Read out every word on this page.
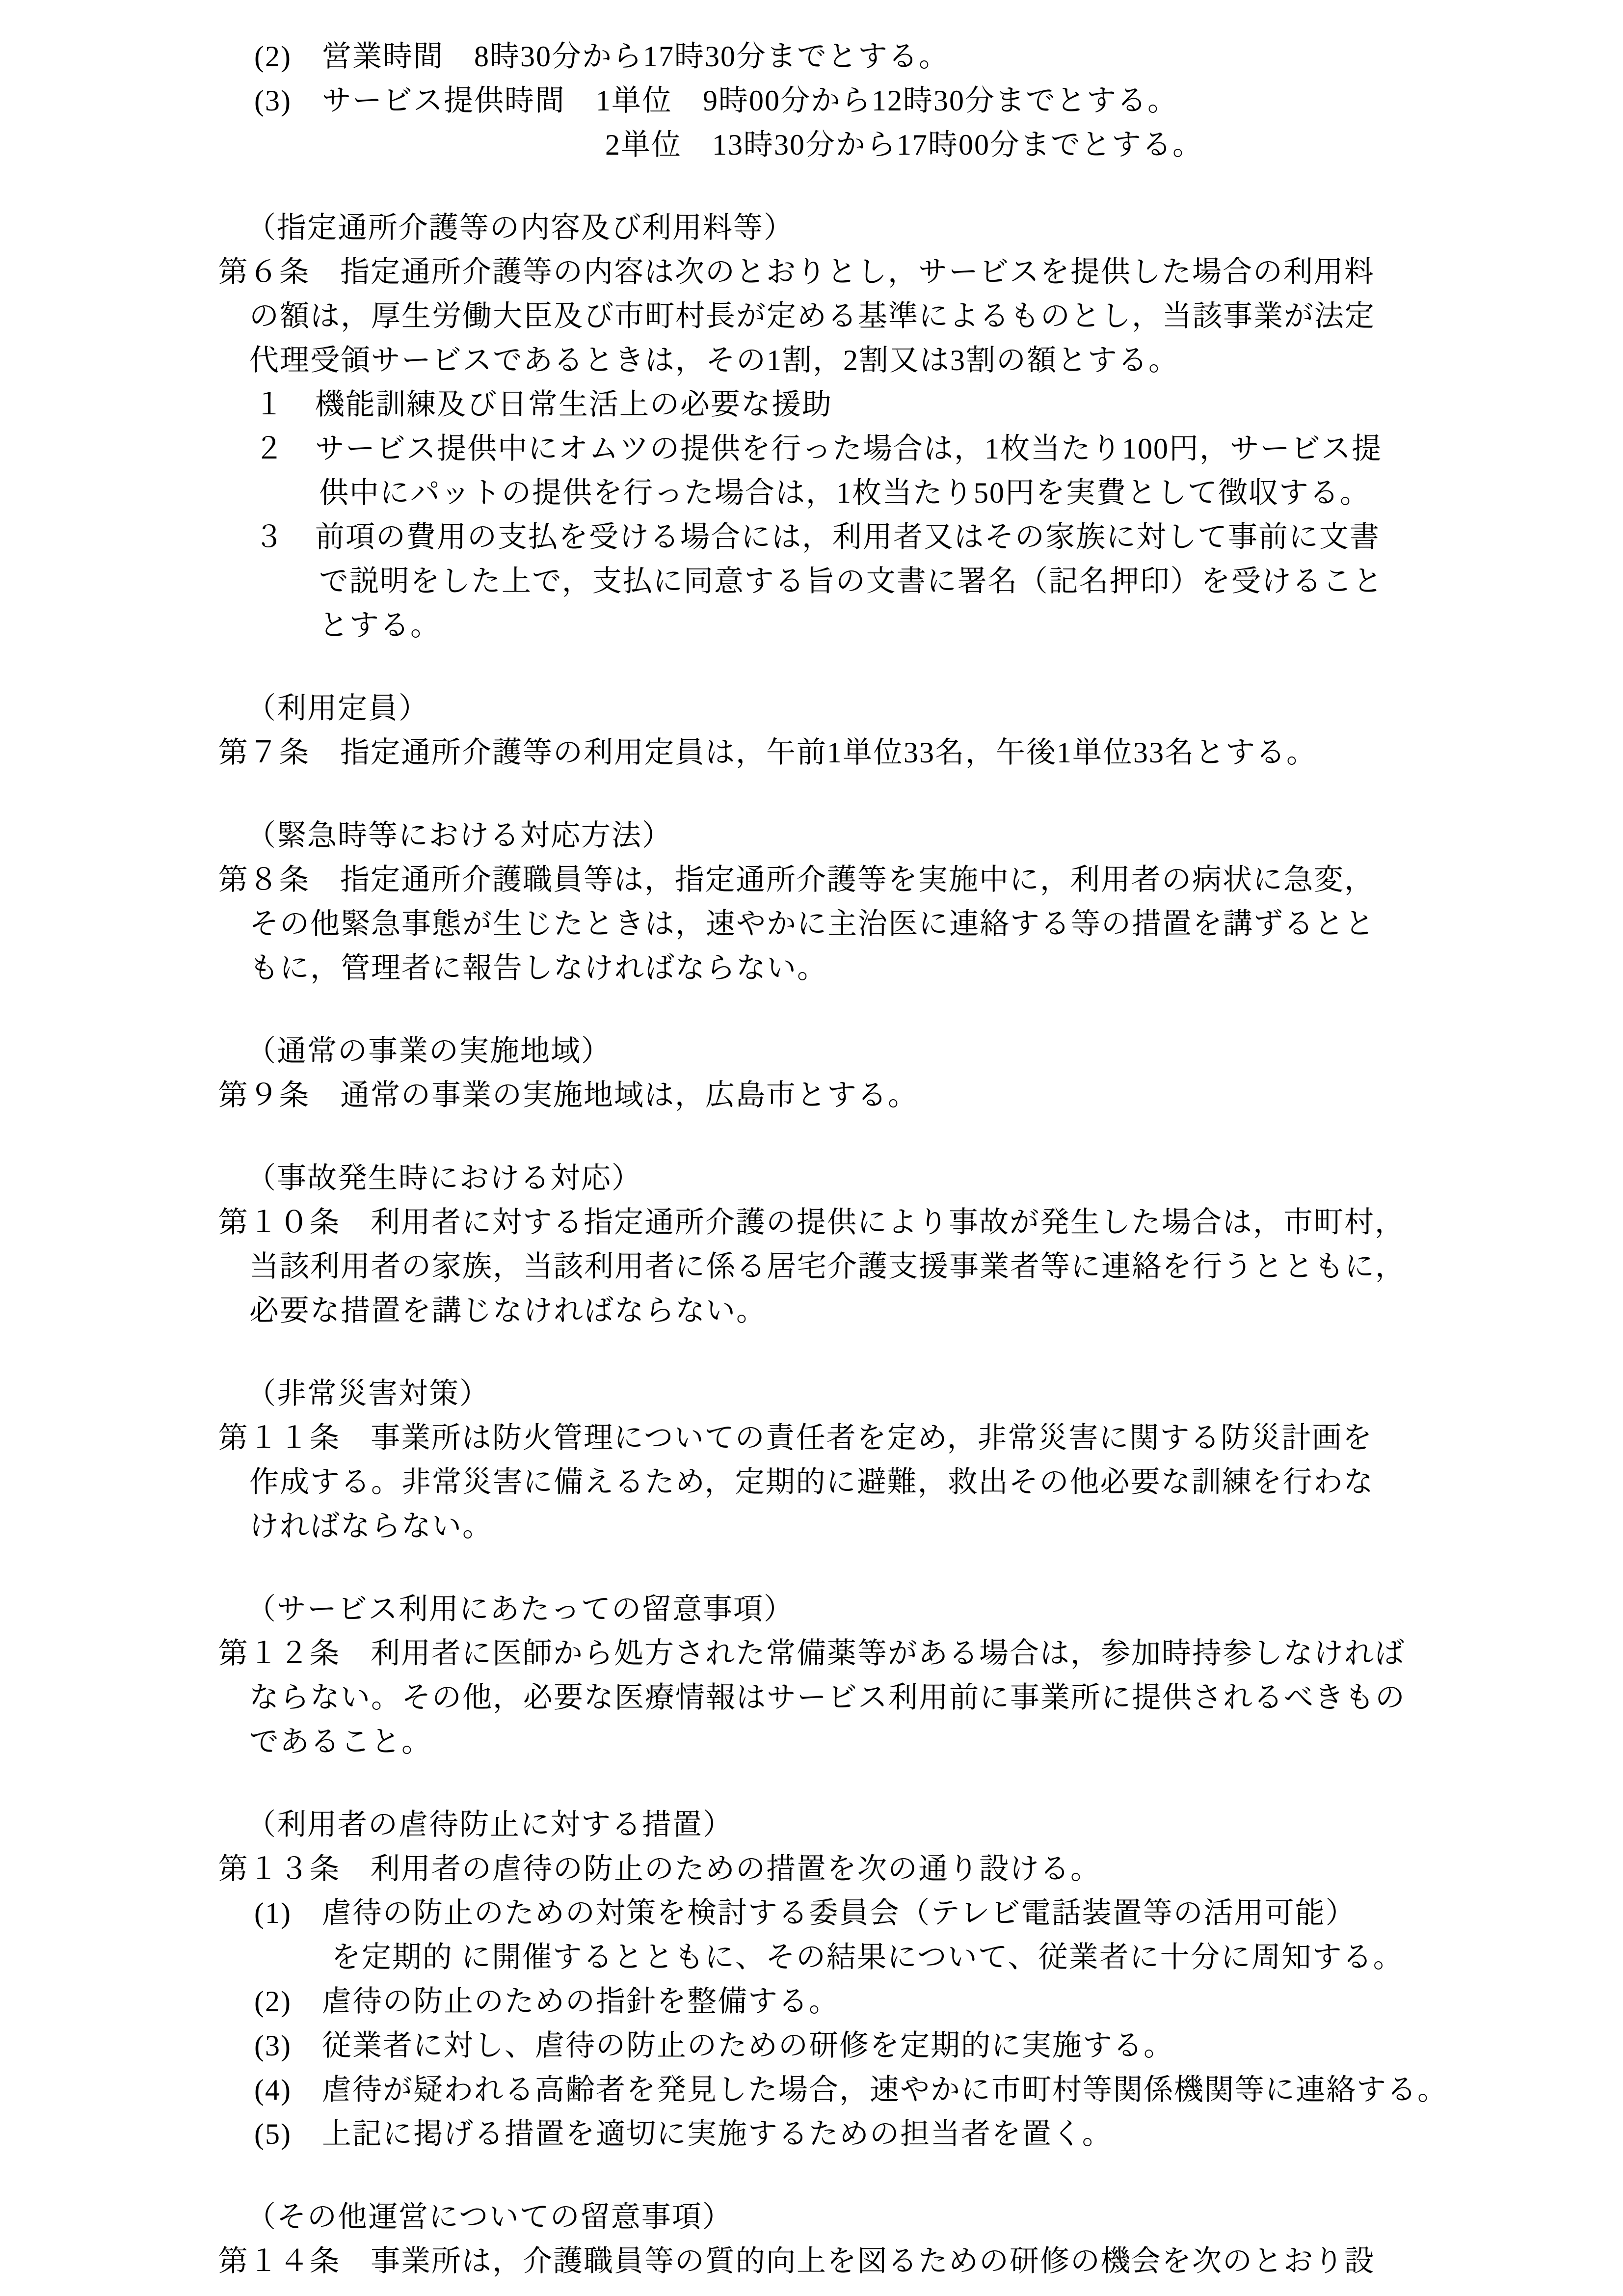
(2)　営業時間　8時30分から17時30分までとする。
(3)　サービス提供時間　1単位　9時00分から12時30分までとする。
2単位　13時30分から17時00分までとする。
（指定通所介護等の内容及び利用料等）
第６条　指定通所介護等の内容は次のとおりとし，サービスを提供した場合の利用料
の額は，厚生労働大臣及び市町村長が定める基準によるものとし，当該事業が法定
代理受領サービスであるときは，その1割，2割又は3割の額とする。
１　機能訓練及び日常生活上の必要な援助
２　サービス提供中にオムツの提供を行った場合は，1枚当たり100円，サービス提
供中にパットの提供を行った場合は，1枚当たり50円を実費として徴収する。
３　前項の費用の支払を受ける場合には，利用者又はその家族に対して事前に文書
で説明をした上で，支払に同意する旨の文書に署名（記名押印）を受けること
とする。
（利用定員）
第７条　指定通所介護等の利用定員は，午前1単位33名，午後1単位33名とする。
（緊急時等における対応方法）
第８条　指定通所介護職員等は，指定通所介護等を実施中に，利用者の病状に急変，
その他緊急事態が生じたときは，速やかに主治医に連絡する等の措置を講ずるとと
もに，管理者に報告しなければならない。
（通常の事業の実施地域）
第９条　通常の事業の実施地域は，広島市とする。
（事故発生時における対応）
第１０条　利用者に対する指定通所介護の提供により事故が発生した場合は，市町村，
当該利用者の家族，当該利用者に係る居宅介護支援事業者等に連絡を行うとともに，
必要な措置を講じなければならない。
（非常災害対策）
第１１条　事業所は防火管理についての責任者を定め，非常災害に関する防災計画を
作成する。非常災害に備えるため，定期的に避難，救出その他必要な訓練を行わな
ければならない。
（サービス利用にあたっての留意事項）
第１２条　利用者に医師から処方された常備薬等がある場合は，参加時持参しなければ
ならない。その他，必要な医療情報はサービス利用前に事業所に提供されるべきもの
であること。
（利用者の虐待防止に対する措置）
第１３条　利用者の虐待の防止のための措置を次の通り設ける。
(1)　虐待の防止のための対策を検討する委員会（テレビ電話装置等の活用可能）
を定期的 に開催するとともに、その結果について、従業者に十分に周知する。
(2)　虐待の防止のための指針を整備する。
(3)　従業者に対し、虐待の防止のための研修を定期的に実施する。
(4)　虐待が疑われる高齢者を発見した場合，速やかに市町村等関係機関等に連絡する。
(5)　上記に掲げる措置を適切に実施するための担当者を置く。
（その他運営についての留意事項）
第１４条　事業所は，介護職員等の質的向上を図るための研修の機会を次のとおり設
